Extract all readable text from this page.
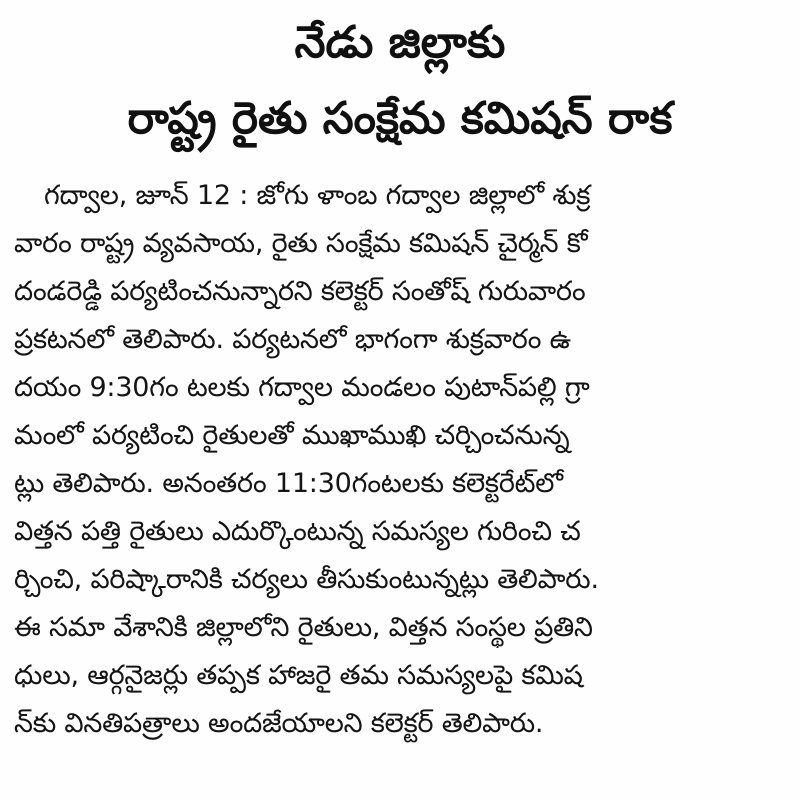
నేడు జిల్లాకు
రాష్ట్ర రైతు సంక్షేమ కమిషన్ రాక
గద్వాల, జూన్ 12 : జోగు ళాంబ గద్వాల జిల్లాలో శుక్ర
వారం రాష్ట్ర వ్యవసాయ, రైతు సంక్షేమ కమిషన్ చైర్మన్ కో
దండరెడ్డి పర్యటించనున్నారని కలెక్టర్ సంతోష్ గురువారం
ప్రకటనలో తెలిపారు. పర్యటనలో భాగంగా శుక్రవారం ఉ
దయం 9:30గం టలకు గద్వాల మండలం పుటాన్‌పల్లి గ్రా
మంలో పర్యటించి రైతులతో ముఖాముఖి చర్చించనున్న
ట్లు తెలిపారు. అనంతరం 11:30గంటలకు కలెక్టరేట్‌లో
విత్తన పత్తి రైతులు ఎదుర్కొంటున్న సమస్యల గురించి చ
ర్చించి, పరిష్కారానికి చర్యలు తీసుకుంటున్నట్లు తెలిపారు.
ఈ సమా వేశానికి జిల్లాలోని రైతులు, విత్తన సంస్థల ప్రతిని
ధులు, ఆర్గనైజర్లు తప్పక హాజరై తమ సమస్యలపై కమిష
న్‌కు వినతిపత్రాలు అందజేయాలని కలెక్టర్ తెలిపారు.
